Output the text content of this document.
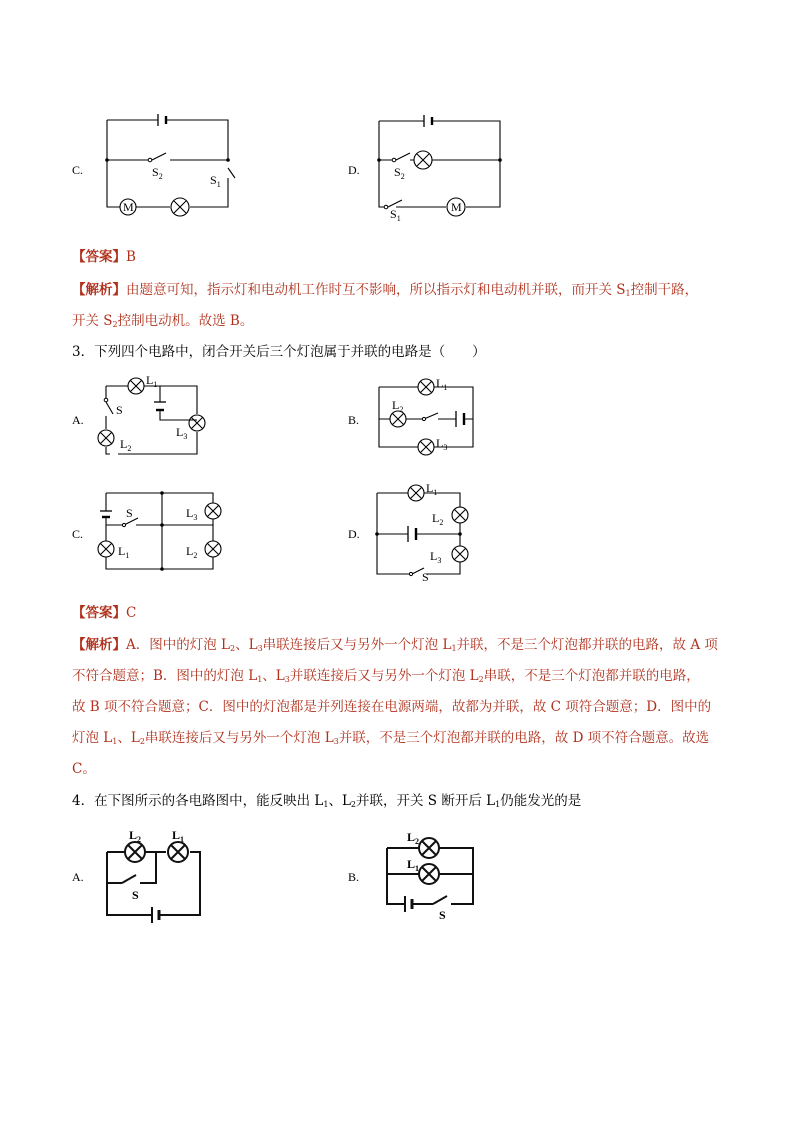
C.
M
$S_2$	$S_1$
D.
M
$S_2$
$S_1$
【答案】B
【解析】由题意可知，指示灯和电动机工作时互不影响，所以指示灯和电动机并联，而开关 $S_1$控制干路，
开关 $S_2$控制电动机。故选 B。
3．下列四个电路中，闭合开关后三个灯泡属于并联的电路是（　　）
A.
$L_1$
S
$L_3$
$L_2$
B.
$L_1$
$L_2$
$L_3$
C.
S	$L_3$
$L_2$
$L_1$
D.
$L_1$
$L_2$
$L_3$
S
【答案】C
【解析】A．图中的灯泡 $L_2$、$L_3$串联连接后又与另外一个灯泡 $L_1$并联，不是三个灯泡都并联的电路，故 A 项
不符合题意；B．图中的灯泡 $L_1$、$L_3$并联连接后又与另外一个灯泡 $L_2$串联，不是三个灯泡都并联的电路，
故 B 项不符合题意；C．图中的灯泡都是并列连接在电源两端，故都为并联，故 C 项符合题意；D．图中的
灯泡 $L_1$、$L_2$串联连接后又与另外一个灯泡 $L_3$并联，不是三个灯泡都并联的电路，故 D 项不符合题意。故选
C。
4．在下图所示的各电路图中，能反映出 $L_1$、$L_2$并联，开关 S 断开后 $L_1$仍能发光的是
A.
$L_2$	$L_1$
S
B.
$L_2$
$L_1$
S
